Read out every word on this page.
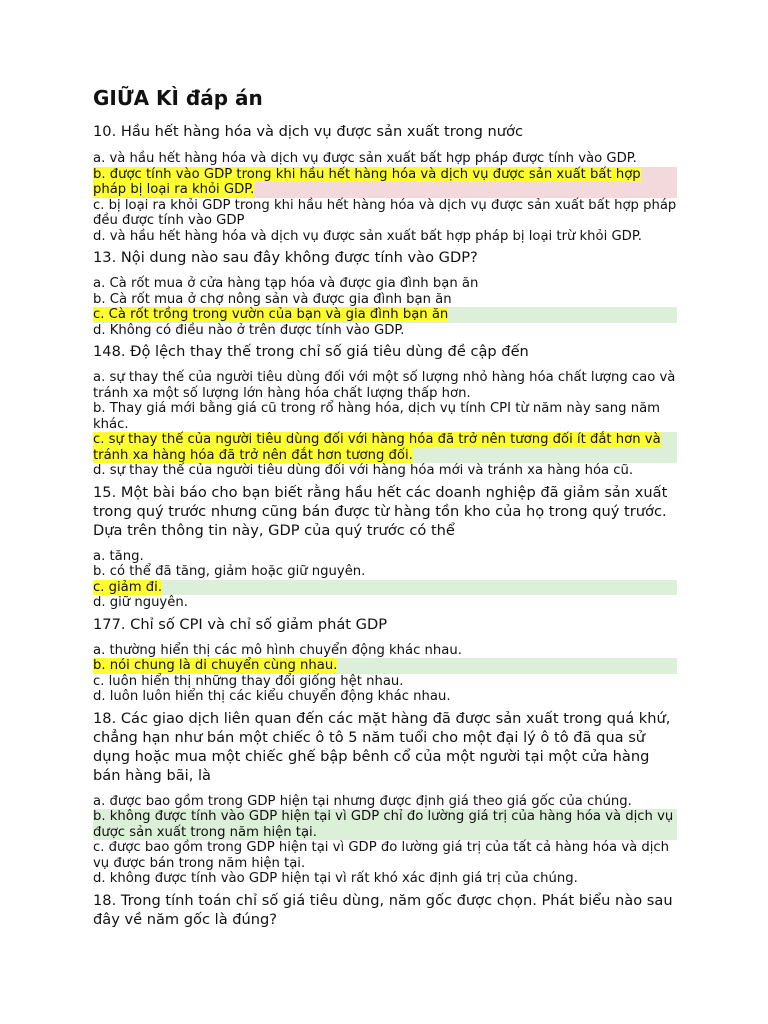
GIỮA KÌ đáp án
10. Hầu hết hàng hóa và dịch vụ được sản xuất trong nước
a. và hầu hết hàng hóa và dịch vụ được sản xuất bất hợp pháp được tính vào GDP.
b. được tính vào GDP trong khi hầu hết hàng hóa và dịch vụ được sản xuất bất hợp pháp bị loại ra khỏi GDP.
c. bị loại ra khỏi GDP trong khi hầu hết hàng hóa và dịch vụ được sản xuất bất hợp pháp đều được tính vào GDP
d. và hầu hết hàng hóa và dịch vụ được sản xuất bất hợp pháp bị loại trừ khỏi GDP.
13. Nội dung nào sau đây không được tính vào GDP?
a. Cà rốt mua ở cửa hàng tạp hóa và được gia đình bạn ăn
b. Cà rốt mua ở chợ nông sản và được gia đình bạn ăn
c. Cà rốt trồng trong vườn của bạn và gia đình bạn ăn
d. Không có điều nào ở trên được tính vào GDP.
148. Độ lệch thay thế trong chỉ số giá tiêu dùng đề cập đến
a. sự thay thế của người tiêu dùng đối với một số lượng nhỏ hàng hóa chất lượng cao và tránh xa một số lượng lớn hàng hóa chất lượng thấp hơn.
b. Thay giá mới bằng giá cũ trong rổ hàng hóa, dịch vụ tính CPI từ năm này sang năm khác.
c. sự thay thế của người tiêu dùng đối với hàng hóa đã trở nên tương đối ít đắt hơn và tránh xa hàng hóa đã trở nên đắt hơn tương đối.
d. sự thay thế của người tiêu dùng đối với hàng hóa mới và tránh xa hàng hóa cũ.
15. Một bài báo cho bạn biết rằng hầu hết các doanh nghiệp đã giảm sản xuất trong quý trước nhưng cũng bán được từ hàng tồn kho của họ trong quý trước. Dựa trên thông tin này, GDP của quý trước có thể
a. tăng.
b. có thể đã tăng, giảm hoặc giữ nguyên.
c. giảm đi.
d. giữ nguyên.
177. Chỉ số CPI và chỉ số giảm phát GDP
a. thường hiển thị các mô hình chuyển động khác nhau.
b. nói chung là di chuyển cùng nhau.
c. luôn hiển thị những thay đổi giống hệt nhau.
d. luôn luôn hiển thị các kiểu chuyển động khác nhau.
18. Các giao dịch liên quan đến các mặt hàng đã được sản xuất trong quá khứ, chẳng hạn như bán một chiếc ô tô 5 năm tuổi cho một đại lý ô tô đã qua sử dụng hoặc mua một chiếc ghế bập bênh cổ của một người tại một cửa hàng bán hàng bãi, là
a. được bao gồm trong GDP hiện tại nhưng được định giá theo giá gốc của chúng.
b. không được tính vào GDP hiện tại vì GDP chỉ đo lường giá trị của hàng hóa và dịch vụ được sản xuất trong năm hiện tại.
c. được bao gồm trong GDP hiện tại vì GDP đo lường giá trị của tất cả hàng hóa và dịch vụ được bán trong năm hiện tại.
d. không được tính vào GDP hiện tại vì rất khó xác định giá trị của chúng.
18. Trong tính toán chỉ số giá tiêu dùng, năm gốc được chọn. Phát biểu nào sau đây về năm gốc là đúng?
